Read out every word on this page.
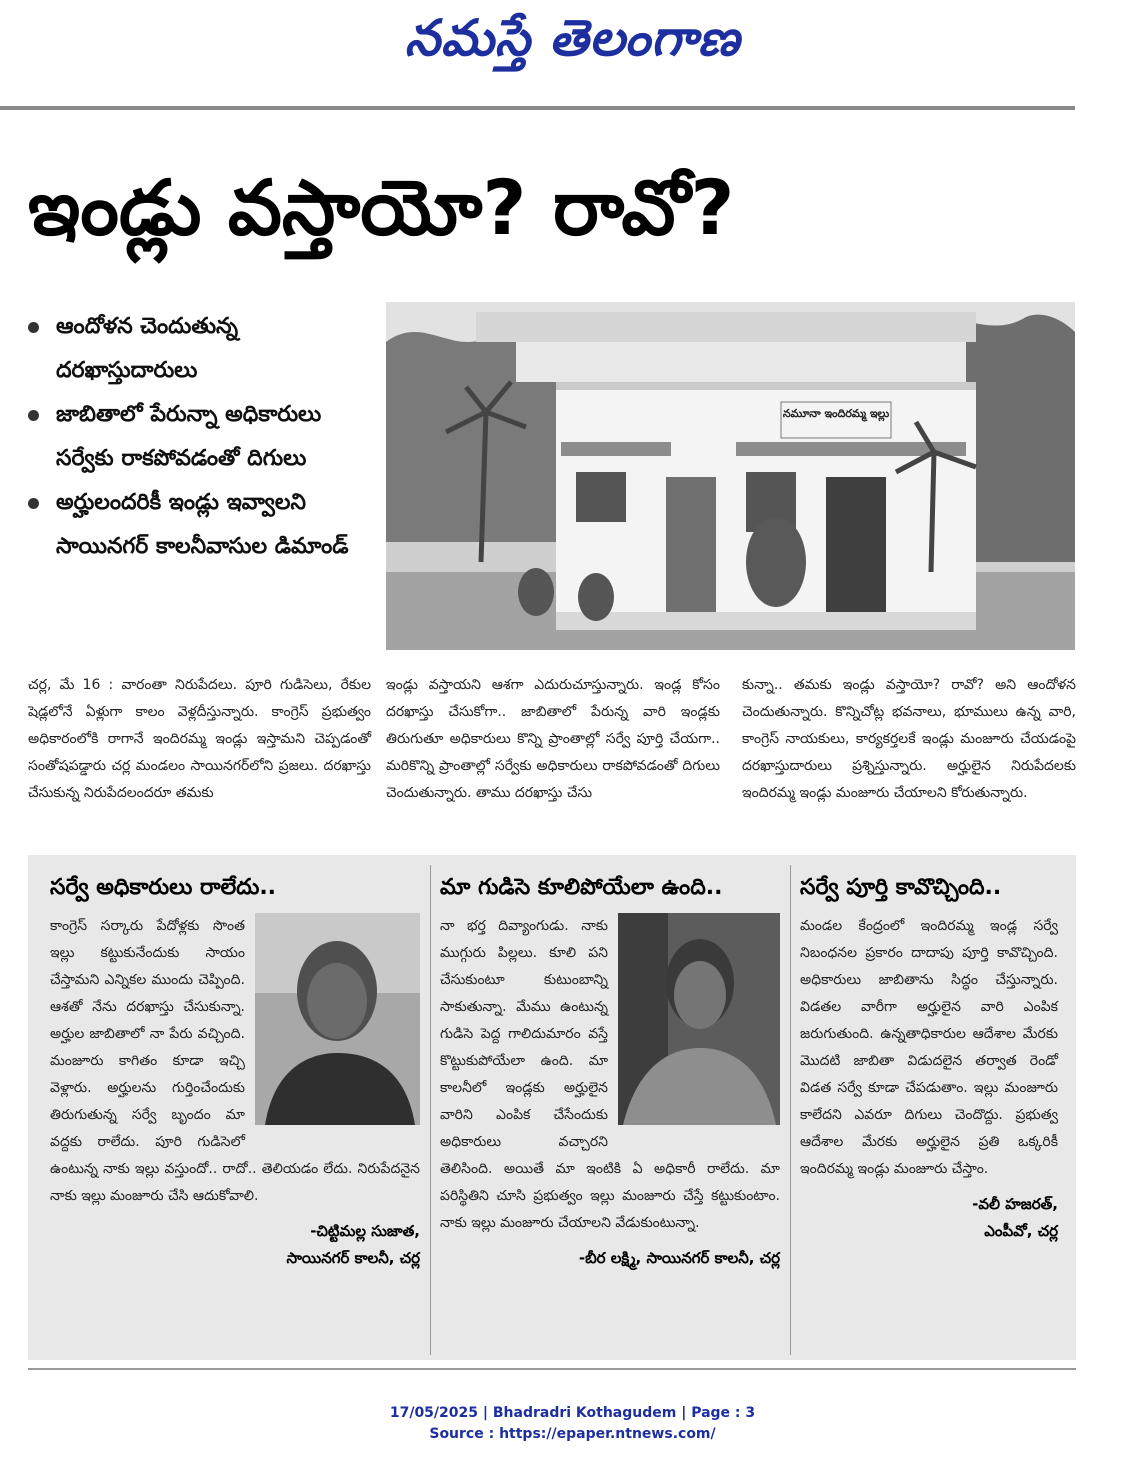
నమస్తే తెలంగాణ
ఇండ్లు వస్తాయో? రావో?
ఆందోళన చెందుతున్న దరఖాస్తుదారులు
జాబితాలో పేరున్నా అధికారులు సర్వేకు రాకపోవడంతో దిగులు
అర్హులందరికీ ఇండ్లు ఇవ్వాలని సాయినగర్ కాలనీవాసుల డిమాండ్
నమూనా ఇందిరమ్మ ఇల్లు
చర్ల, మే 16 : వారంతా నిరుపేదలు. పూరి గుడిసెలు, రేకుల షెడ్లలోనే ఏళ్లుగా కాలం వెళ్లదీస్తున్నారు. కాంగ్రెస్ ప్రభుత్వం అధికారంలోకి రాగానే ఇందిరమ్మ ఇండ్లు ఇస్తామని చెప్పడంతో సంతోషపడ్డారు చర్ల మండలం సాయినగర్‌లోని ప్రజలు. దరఖాస్తు చేసుకున్న నిరుపేదలందరూ తమకు
ఇండ్లు వస్తాయని ఆశగా ఎదురుచూస్తున్నారు. ఇండ్ల కోసం దరఖాస్తు చేసుకోగా.. జాబితాలో పేరున్న వారి ఇండ్లకు తిరుగుతూ అధికారులు కొన్ని ప్రాంతాల్లో సర్వే పూర్తి చేయగా.. మరికొన్ని ప్రాంతాల్లో సర్వేకు అధికారులు రాకపోవడంతో దిగులు చెందుతున్నారు. తాము దరఖాస్తు చేసు
కున్నా.. తమకు ఇండ్లు వస్తాయో? రావో? అని ఆందోళన చెందుతున్నారు. కొన్నిచోట్ల భవనాలు, భూములు ఉన్న వారి, కాంగ్రెస్ నాయకులు, కార్యకర్తలకే ఇండ్లు మంజూరు చేయడంపై దరఖాస్తుదారులు ప్రశ్నిస్తున్నారు. అర్హులైన నిరుపేదలకు ఇందిరమ్మ ఇండ్లు మంజూరు చేయాలని కోరుతున్నారు.
సర్వే అధికారులు రాలేదు..
కాంగ్రెస్ సర్కారు పేదోళ్లకు సొంత ఇల్లు కట్టుకునేందుకు సాయం చేస్తామని ఎన్నికల ముందు చెప్పింది. ఆశతో నేను దరఖాస్తు చేసుకున్నా. అర్హుల జాబితాలో నా పేరు వచ్చింది. మంజూరు కాగితం కూడా ఇచ్చి వెళ్లారు. అర్హులను గుర్తించేందుకు తిరుగుతున్న సర్వే బృందం మా వద్దకు రాలేదు. పూరి గుడిసెలో ఉంటున్న నాకు ఇల్లు వస్తుందో.. రాదో.. తెలియడం లేదు. నిరుపేదనైన నాకు ఇల్లు మంజూరు చేసి ఆదుకోవాలి.
-చిట్టిమల్ల సుజాత,
సాయినగర్ కాలనీ, చర్ల
మా గుడిసె కూలిపోయేలా ఉంది..
నా భర్త దివ్యాంగుడు. నాకు ముగ్గురు పిల్లలు. కూలి పని చేసుకుంటూ కుటుంబాన్ని సాకుతున్నా. మేము ఉంటున్న గుడిసె పెద్ద గాలిదుమారం వస్తే కొట్టుకుపోయేలా ఉంది. మా కాలనీలో ఇండ్లకు అర్హులైన వారిని ఎంపిక చేసేందుకు అధికారులు వచ్చారని తెలిసింది. అయితే మా ఇంటికి ఏ అధికారీ రాలేదు. మా పరిస్థితిని చూసి ప్రభుత్వం ఇల్లు మంజూరు చేస్తే కట్టుకుంటాం. నాకు ఇల్లు మంజూరు చేయాలని వేడుకుంటున్నా.
-బీర లక్ష్మి, సాయినగర్ కాలనీ, చర్ల
సర్వే పూర్తి కావొచ్చింది..
మండల కేంద్రంలో ఇందిరమ్మ ఇండ్ల సర్వే నిబంధనల ప్రకారం దాదాపు పూర్తి కావొచ్చింది. అధికారులు జాబితాను సిద్ధం చేస్తున్నారు. విడతల వారీగా అర్హులైన వారి ఎంపిక జరుగుతుంది. ఉన్నతాధికారుల ఆదేశాల మేరకు మొదటి జాబితా విడుదలైన తర్వాత రెండో విడత సర్వే కూడా చేపడుతాం. ఇల్లు మంజూరు కాలేదని ఎవరూ దిగులు చెందొద్దు. ప్రభుత్వ ఆదేశాల మేరకు అర్హులైన ప్రతి ఒక్కరికీ ఇందిరమ్మ ఇండ్లు మంజూరు చేస్తాం.
-వలీ హజరత్,
ఎంపీవో, చర్ల
17/05/2025 | Bhadradri Kothagudem | Page : 3
Source : https://epaper.ntnews.com/
